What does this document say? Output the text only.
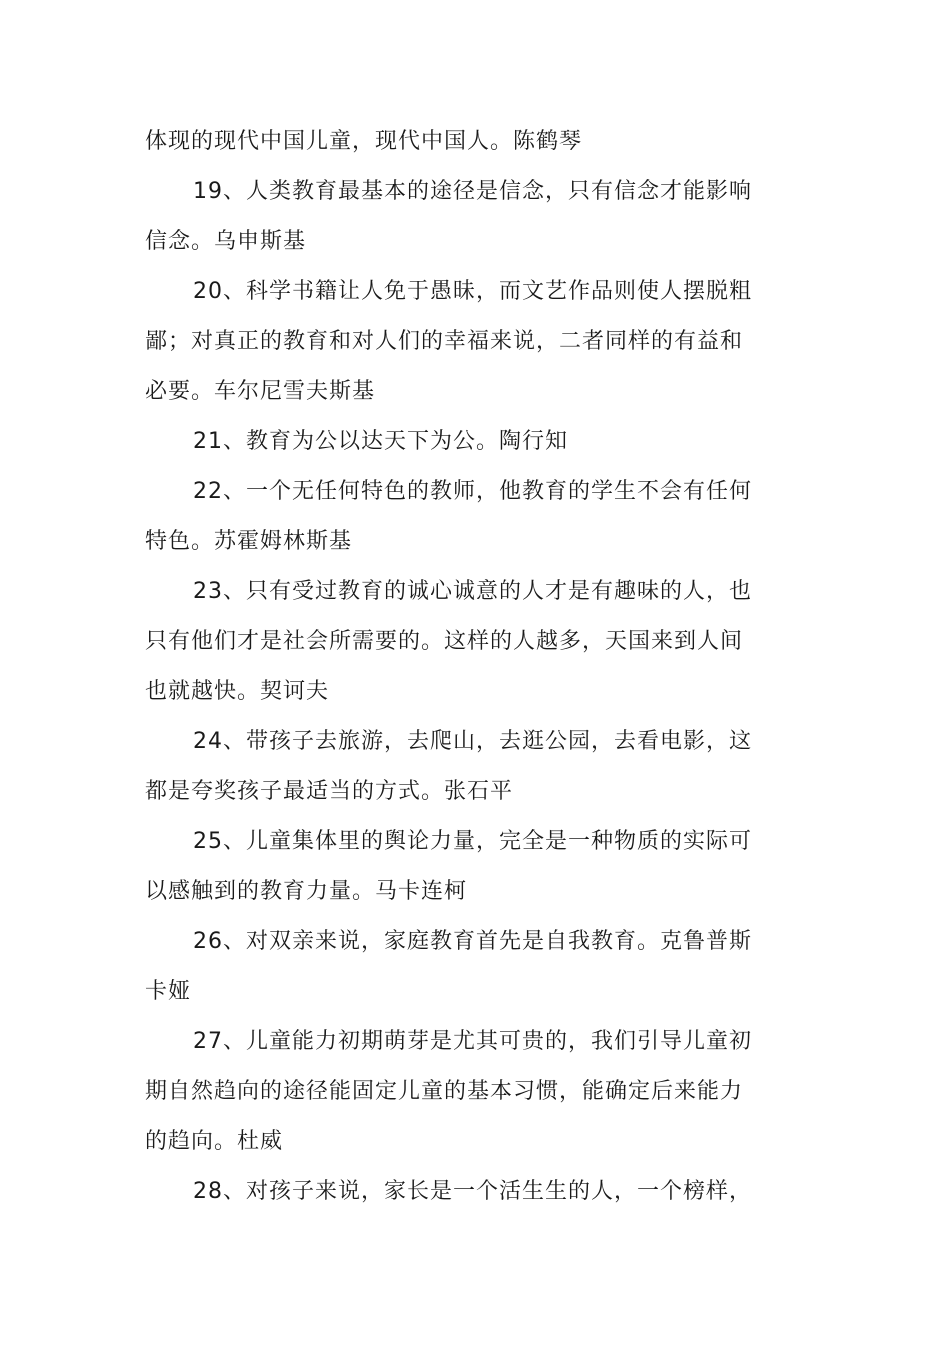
体现的现代中国儿童，现代中国人。陈鹤琴
19、人类教育最基本的途径是信念，只有信念才能影响
信念。乌申斯基
20、科学书籍让人免于愚昧，而文艺作品则使人摆脱粗
鄙；对真正的教育和对人们的幸福来说，二者同样的有益和
必要。车尔尼雪夫斯基
21、教育为公以达天下为公。陶行知
22、一个无任何特色的教师，他教育的学生不会有任何
特色。苏霍姆林斯基
23、只有受过教育的诚心诚意的人才是有趣味的人，也
只有他们才是社会所需要的。这样的人越多，天国来到人间
也就越快。契诃夫
24、带孩子去旅游，去爬山，去逛公园，去看电影，这
都是夸奖孩子最适当的方式。张石平
25、儿童集体里的舆论力量，完全是一种物质的实际可
以感触到的教育力量。马卡连柯
26、对双亲来说，家庭教育首先是自我教育。克鲁普斯
卡娅
27、儿童能力初期萌芽是尤其可贵的，我们引导儿童初
期自然趋向的途径能固定儿童的基本习惯，能确定后来能力
的趋向。杜威
28、对孩子来说，家长是一个活生生的人，一个榜样，
